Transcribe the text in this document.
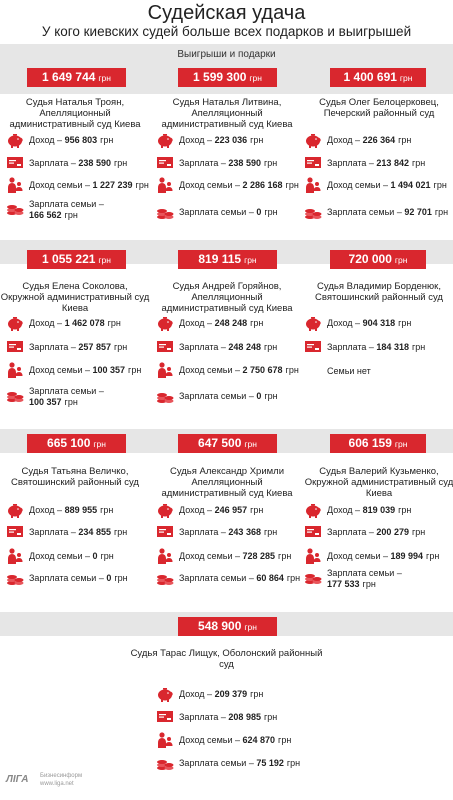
Судейская удача
У кого киевских судей больше всех подарков и выигрышей
Выигрыши и подарки
1 649 744 грн
Судья Наталья Троян, Апелляционный административный суд Киева
Доход – 956 803 грн
Зарплата – 238 590 грн
Доход семьи – 1 227 239 грн
Зарплата семьи –
166 562 грн
1 599 300 грн
Судья Наталья Литвина, Апелляционный административный суд Киева
Доход – 223 036 грн
Зарплата – 238 590 грн
Доход семьи – 2 286 168 грн
Зарплата семьи – 0 грн
1 400 691 грн
Судья Олег Белоцерковец, Печерский районный суд
Доход – 226 364 грн
Зарплата – 213 842 грн
Доход семьи – 1 494 021 грн
Зарплата семьи – 92 701 грн
1 055 221 грн
Судья Елена Соколова, Окружной административный суд Киева
Доход – 1 462 078 грн
Зарплата – 257 857 грн
Доход семьи – 100 357 грн
Зарплата семьи –
100 357 грн
819 115 грн
Судья Андрей Горяйнов, Апелляционный административный суд Киева
Доход – 248 248 грн
Зарплата – 248 248 грн
Доход семьи – 2 750 678 грн
Зарплата семьи – 0 грн
720 000 грн
Судья Владимир Борденюк, Святошинский районный суд
Доход – 904 318 грн
Зарплата – 184 318 грн
Семьи нет
665 100 грн
Судья Татьяна Величко, Святошинский районный суд
Доход – 889 955 грн
Зарплата – 234 855 грн
Доход семьи – 0 грн
Зарплата семьи – 0 грн
647 500 грн
Судья Александр Хримли Апелляционный административный суд Киева
Доход – 246 957 грн
Зарплата – 243 368 грн
Доход семьи – 728 285 грн
Зарплата семьи – 60 864 грн
606 159 грн
Судья Валерий Кузьменко, Окружной административный суд Киева
Доход – 819 039 грн
Зарплата – 200 279 грн
Доход семьи – 189 994 грн
Зарплата семьи –
177 533 грн
548 900 грн
Судья Тарас Лищук, Оболонский районный суд
Доход – 209 379 грн
Зарплата – 208 985 грн
Доход семьи – 624 870 грн
Зарплата семьи – 75 192 грн
ЛІГА Бизнесинформ
www.liga.net
